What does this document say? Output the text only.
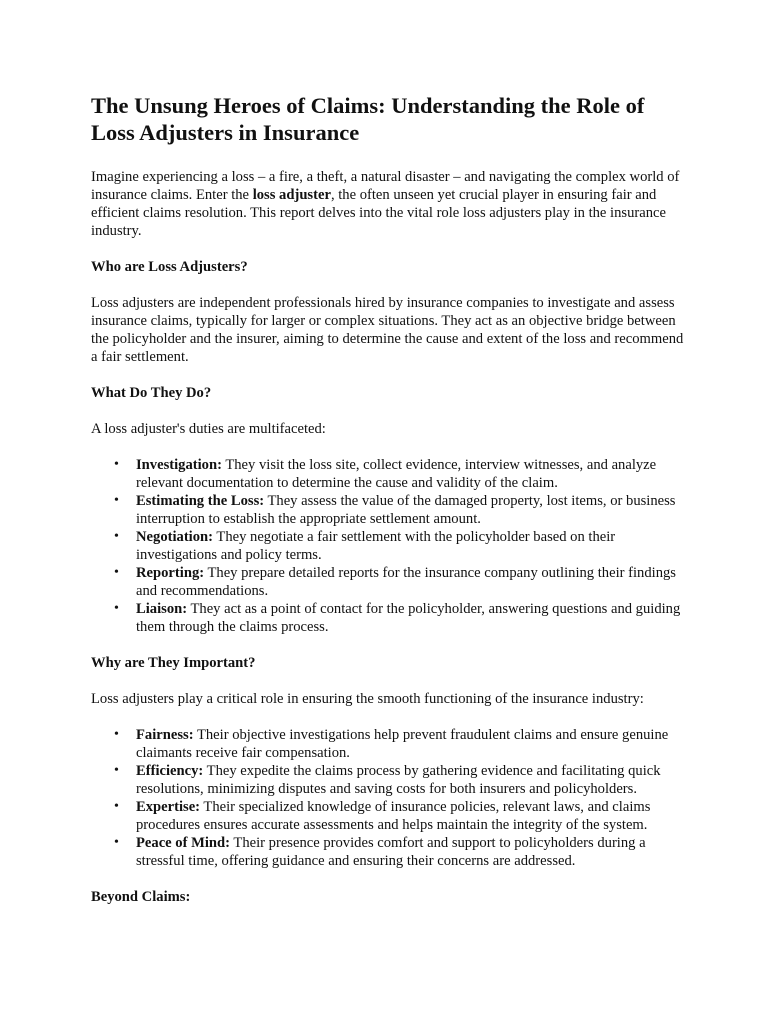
The Unsung Heroes of Claims: Understanding the Role of Loss Adjusters in Insurance

Imagine experiencing a loss – a fire, a theft, a natural disaster – and navigating the complex world of insurance claims. Enter the loss adjuster, the often unseen yet crucial player in ensuring fair and efficient claims resolution. This report delves into the vital role loss adjusters play in the insurance industry.

Who are Loss Adjusters?

Loss adjusters are independent professionals hired by insurance companies to investigate and assess insurance claims, typically for larger or complex situations. They act as an objective bridge between the policyholder and the insurer, aiming to determine the cause and extent of the loss and recommend a fair settlement.

What Do They Do?

A loss adjuster's duties are multifaceted:

• Investigation: They visit the loss site, collect evidence, interview witnesses, and analyze relevant documentation to determine the cause and validity of the claim.
• Estimating the Loss: They assess the value of the damaged property, lost items, or business interruption to establish the appropriate settlement amount.
• Negotiation: They negotiate a fair settlement with the policyholder based on their investigations and policy terms.
• Reporting: They prepare detailed reports for the insurance company outlining their findings and recommendations.
• Liaison: They act as a point of contact for the policyholder, answering questions and guiding them through the claims process.
Why are They Important?

Loss adjusters play a critical role in ensuring the smooth functioning of the insurance industry:

• Fairness: Their objective investigations help prevent fraudulent claims and ensure genuine claimants receive fair compensation.
• Efficiency: They expedite the claims process by gathering evidence and facilitating quick resolutions, minimizing disputes and saving costs for both insurers and policyholders.
• Expertise: Their specialized knowledge of insurance policies, relevant laws, and claims procedures ensures accurate assessments and helps maintain the integrity of the system.
• Peace of Mind: Their presence provides comfort and support to policyholders during a stressful time, offering guidance and ensuring their concerns are addressed.
Beyond Claims:
